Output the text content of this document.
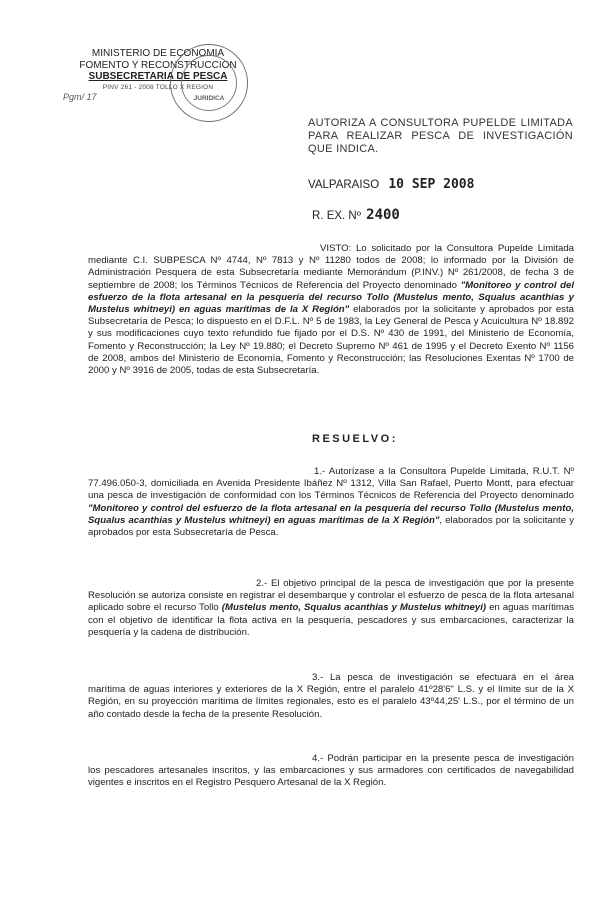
MINISTERIO DE ECONOMIA
FOMENTO Y RECONSTRUCCION
SUBSECRETARIA DE PESCA
PINV 261 - 2008 TOLLO X REGION
Pgm/ 17	JURIDICA
AUTORIZA A CONSULTORA PUPELDE LIMITADA PARA REALIZAR PESCA DE INVESTIGACIÓN QUE INDICA.
VALPARAISO 10 SEP 2008
R. EX. Nº 2400
VISTO: Lo solicitado por la Consultora Pupelde Limitada mediante C.I. SUBPESCA Nº 4744, Nº 7813 y Nº 11280 todos de 2008; lo informado por la División de Administración Pesquera de esta Subsecretaría mediante Memorándum (P.INV.) Nº 261/2008, de fecha 3 de septiembre de 2008; los Términos Técnicos de Referencia del Proyecto denominado "Monitoreo y control del esfuerzo de la flota artesanal en la pesquería del recurso Tollo (Mustelus mento, Squalus acanthias y Mustelus whitneyi) en aguas marítimas de la X Región" elaborados por la solicitante y aprobados por esta Subsecretaría de Pesca; lo dispuesto en el D.F.L. Nº 5 de 1983, la Ley General de Pesca y Acuicultura Nº 18.892 y sus modificaciones cuyo texto refundido fue fijado por el D.S. Nº 430 de 1991, del Ministerio de Economía, Fomento y Reconstrucción; la Ley Nº 19.880; el Decreto Supremo Nº 461 de 1995 y el Decreto Exento Nº 1156 de 2008, ambos del Ministerio de Economía, Fomento y Reconstrucción; las Resoluciones Exentas Nº 1700 de 2000 y Nº 3916 de 2005, todas de esta Subsecretaría.
RESUELVO:
1.- Autorízase a la Consultora Pupelde Limitada, R.U.T. Nº 77.496.050-3, domiciliada en Avenida Presidente Ibáñez Nº 1312, Villa San Rafael, Puerto Montt, para efectuar una pesca de investigación de conformidad con los Términos Técnicos de Referencia del Proyecto denominado "Monitoreo y control del esfuerzo de la flota artesanal en la pesquería del recurso Tollo (Mustelus mento, Squalus acanthias y Mustelus whitneyi) en aguas marítimas de la X Región", elaborados por la solicitante y aprobados por esta Subsecretaría de Pesca.
2.- El objetivo principal de la pesca de investigación que por la presente Resolución se autoriza consiste en registrar el desembarque y controlar el esfuerzo de pesca de la flota artesanal aplicado sobre el recurso Tollo (Mustelus mento, Squalus acanthias y Mustelus whitneyi) en aguas marítimas con el objetivo de identificar la flota activa en la pesquería, pescadores y sus embarcaciones, caracterizar la pesquería y la cadena de distribución.
3.- La pesca de investigación se efectuará en el área marítima de aguas interiores y exteriores de la X Región, entre el paralelo 41º28'6" L.S. y el límite sur de la X Región, en su proyección marítima de límites regionales, esto es el paralelo 43º44,25' L.S., por el término de un año contado desde la fecha de la presente Resolución.
4.- Podrán participar en la presente pesca de investigación los pescadores artesanales inscritos, y las embarcaciones y sus armadores con certificados de navegabilidad vigentes e inscritos en el Registro Pesquero Artesanal de la X Región.
